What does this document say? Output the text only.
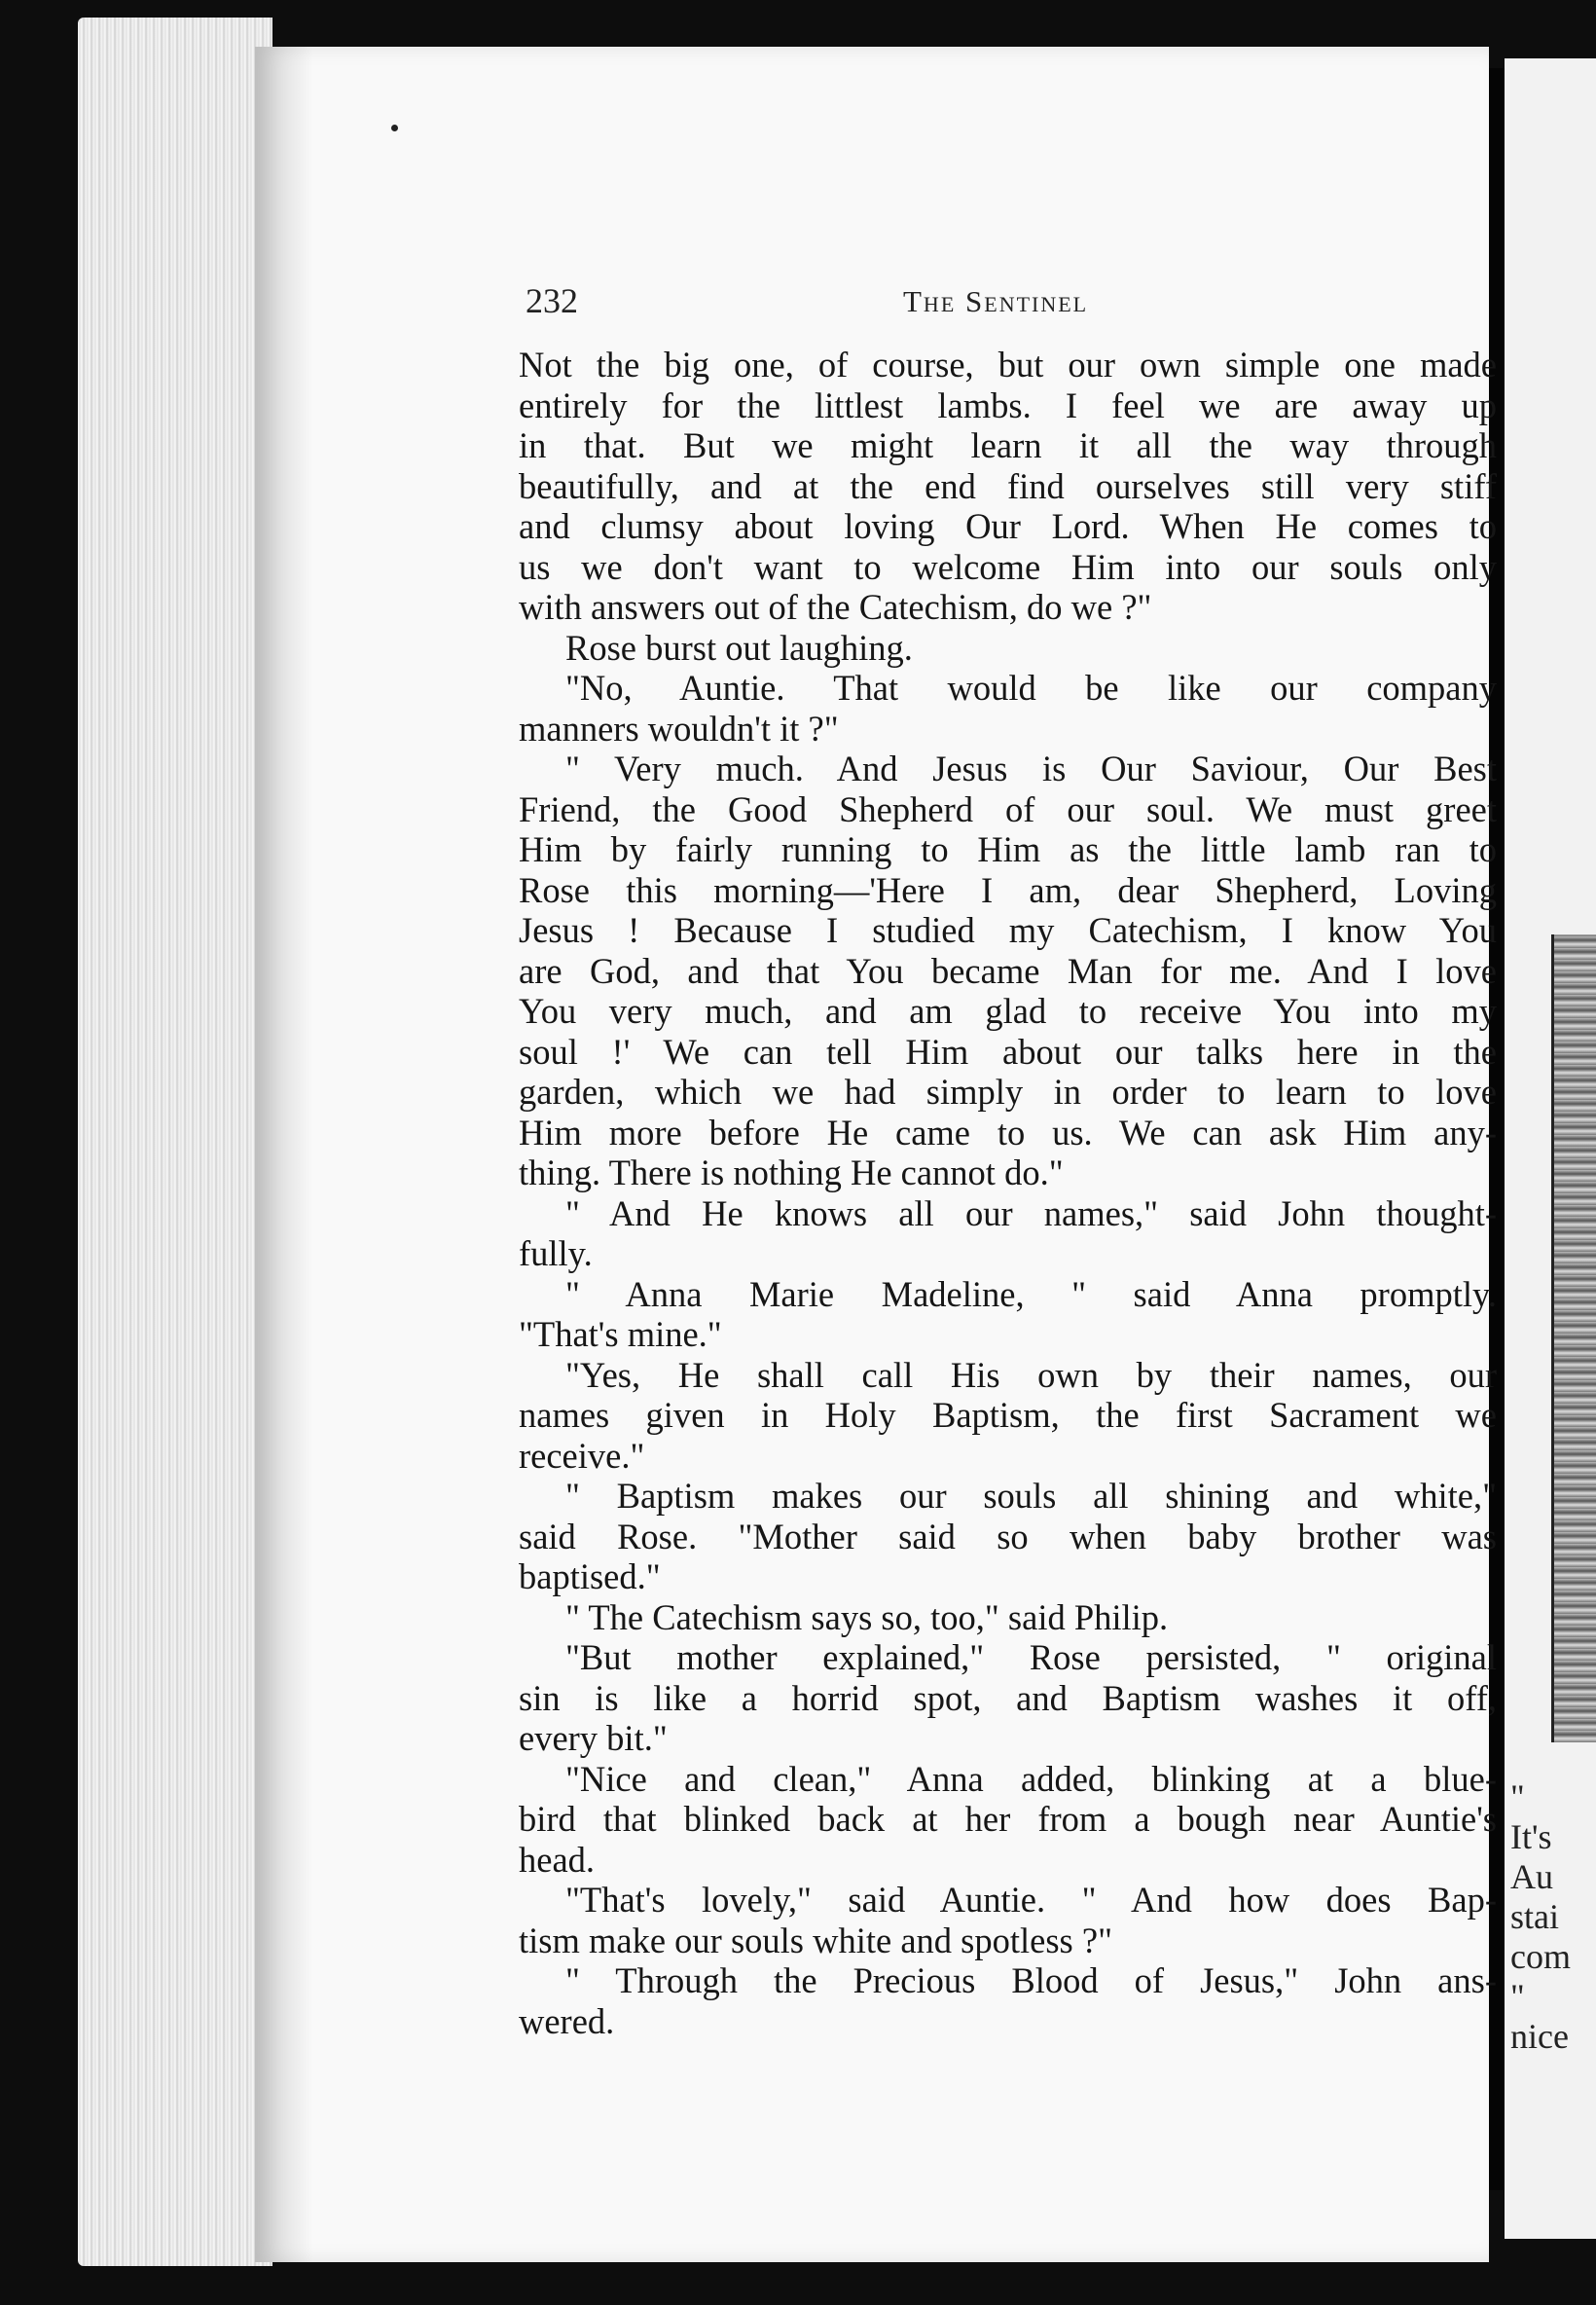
"
It's
Au
stai
com
"
nice
232	The Sentinel
Not the big one, of course, but our own simple one made
entirely for the littlest lambs. I feel we are away up
in that. But we might learn it all the way through
beautifully, and at the end find ourselves still very stiff
and clumsy about loving Our Lord. When He comes to
us we don't want to welcome Him into our souls only
with answers out of the Catechism, do we ?"
Rose burst out laughing.
"No, Auntie. That would be like our company
manners wouldn't it ?"
" Very much. And Jesus is Our Saviour, Our Best
Friend, the Good Shepherd of our soul. We must greet
Him by fairly running to Him as the little lamb ran to
Rose this morning—'Here I am, dear Shepherd, Loving
Jesus ! Because I studied my Catechism, I know You
are God, and that You became Man for me. And I love
You very much, and am glad to receive You into my
soul !' We can tell Him about our talks here in the
garden, which we had simply in order to learn to love
Him more before He came to us. We can ask Him any-
thing. There is nothing He cannot do."
" And He knows all our names," said John thought-
fully.
" Anna Marie Madeline, " said Anna promptly.
"That's mine."
"Yes, He shall call His own by their names, our
names given in Holy Baptism, the first Sacrament we
receive."
" Baptism makes our souls all shining and white,"
said Rose. "Mother said so when baby brother was
baptised."
" The Catechism says so, too," said Philip.
"But mother explained," Rose persisted, " original
sin is like a horrid spot, and Baptism washes it off,
every bit."
"Nice and clean," Anna added, blinking at a blue-
bird that blinked back at her from a bough near Auntie's
head.
"That's lovely," said Auntie. " And how does Bap-
tism make our souls white and spotless ?"
" Through the Precious Blood of Jesus," John ans-
wered.
